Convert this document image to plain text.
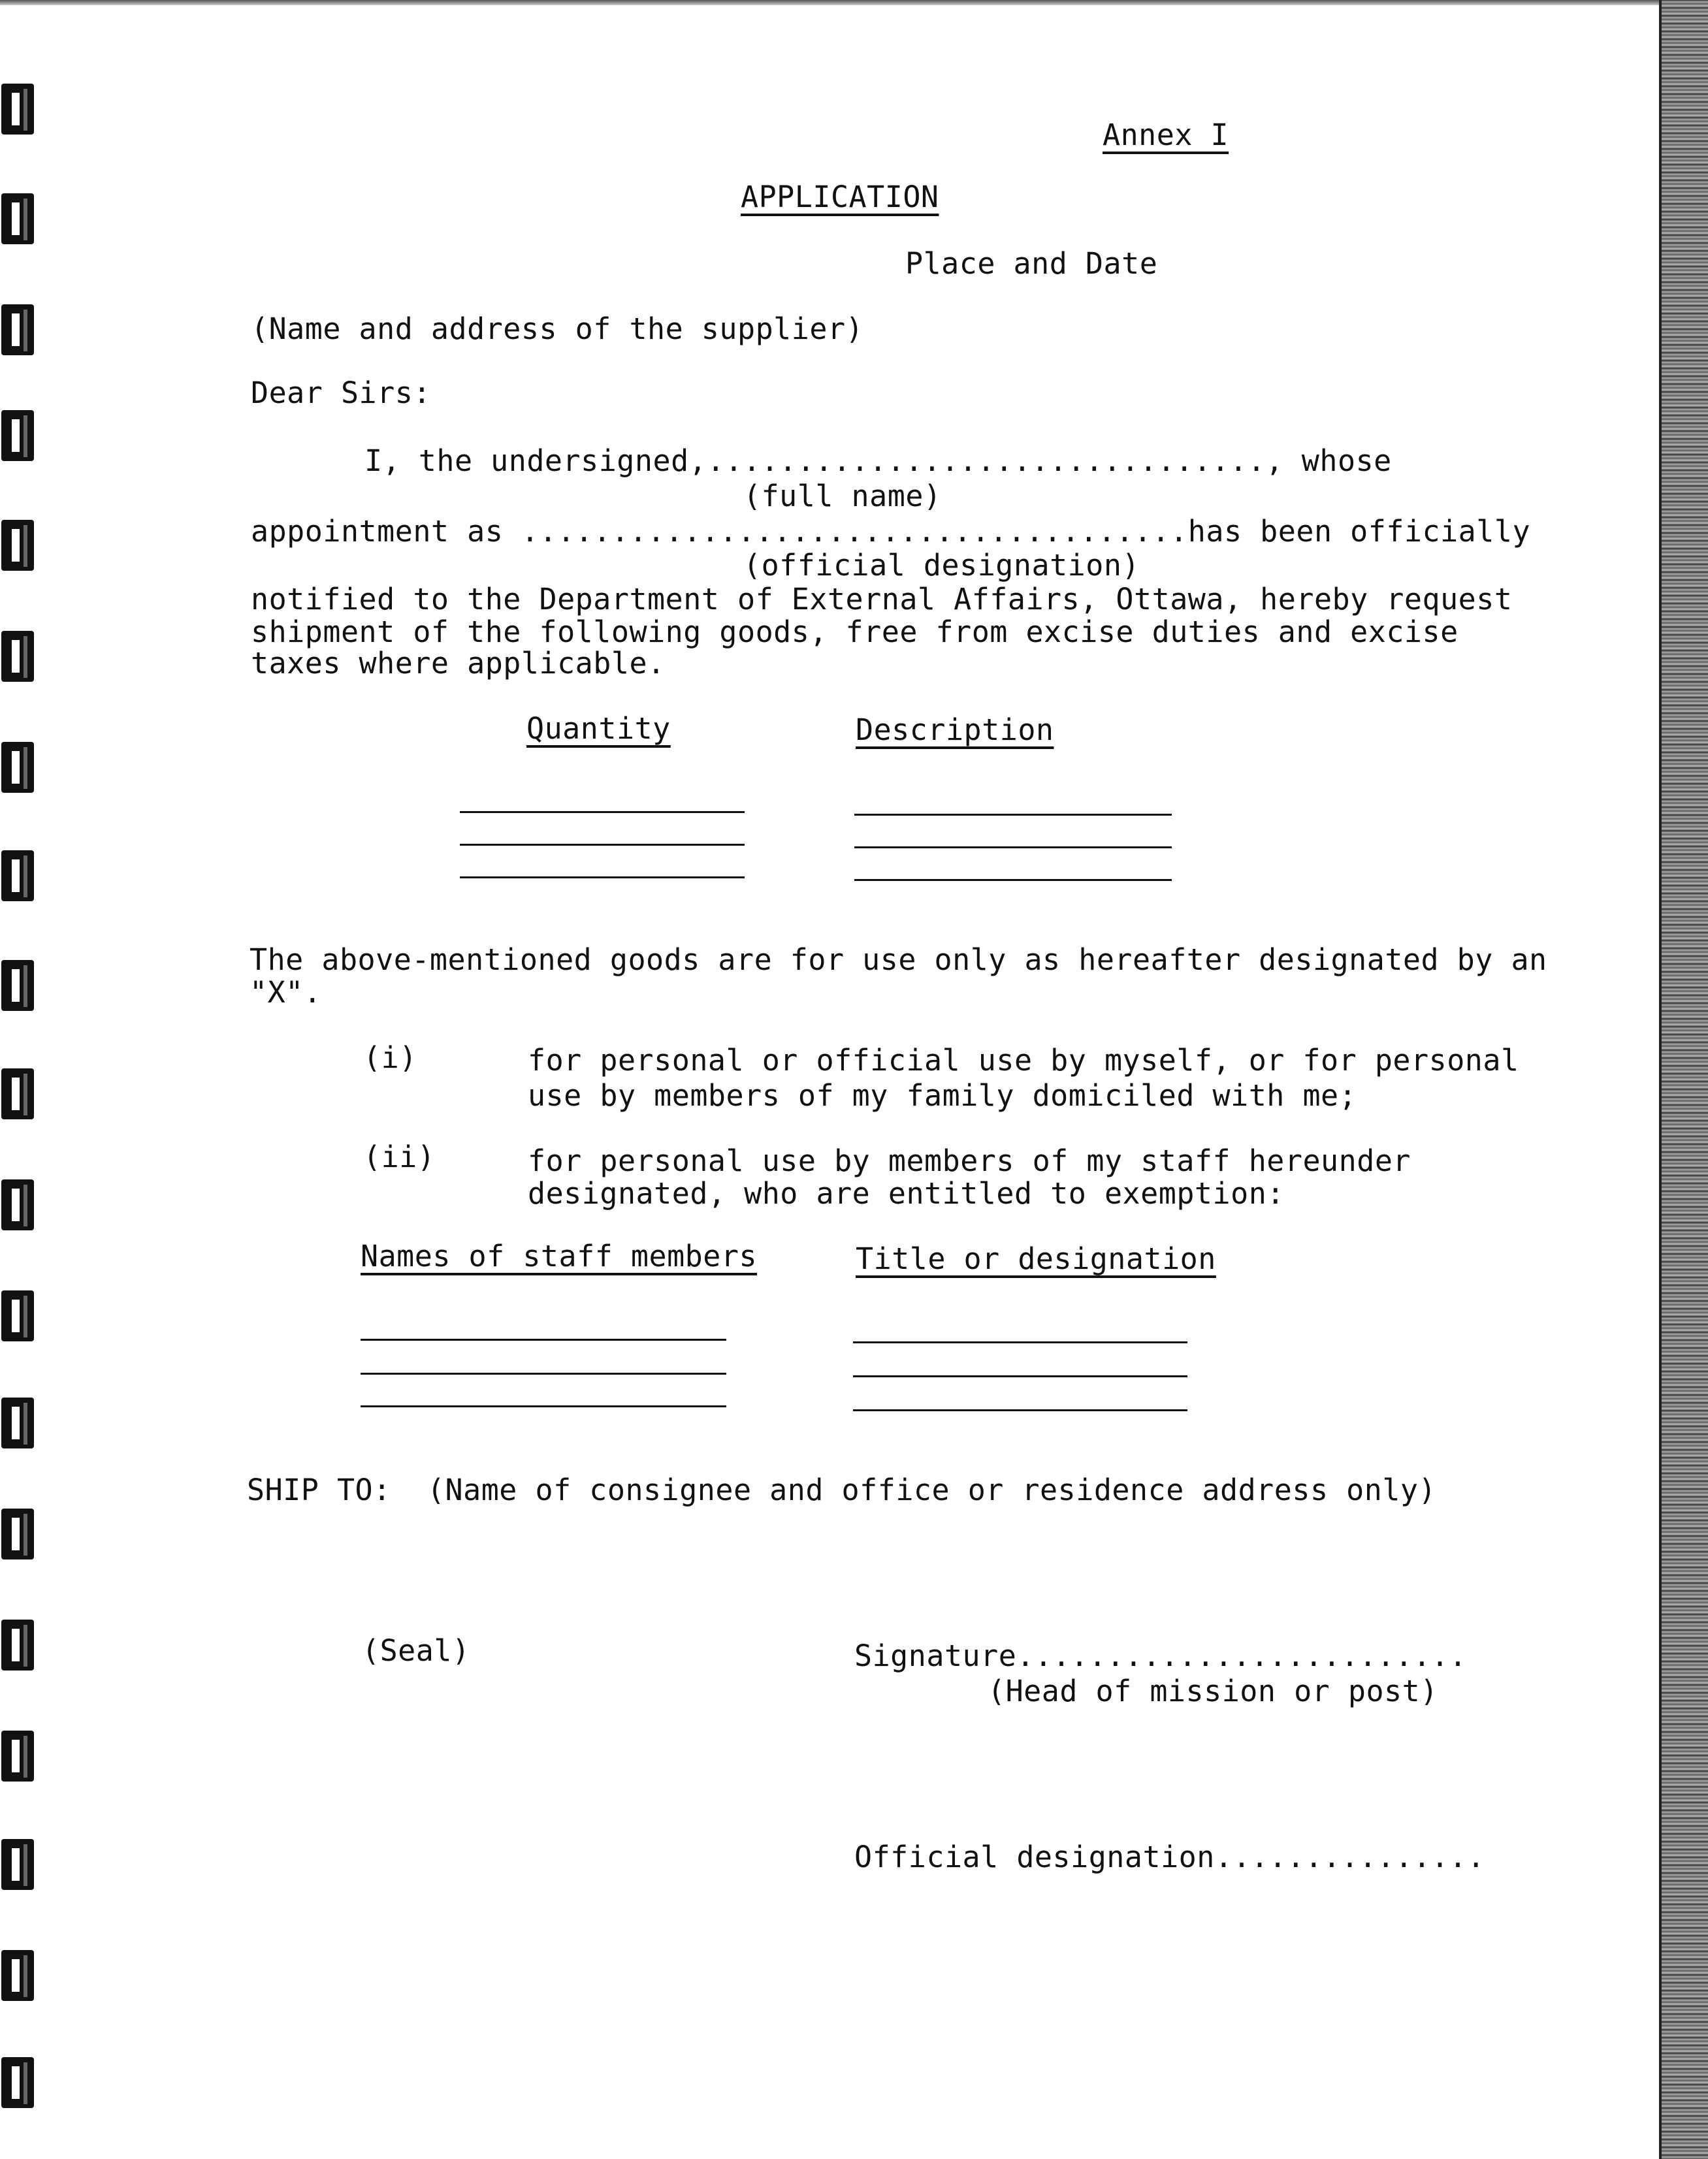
Annex I
APPLICATION
Place and Date
(Name and address of the supplier)
Dear Sirs:
I, the undersigned,..............................., whose
(full name)
appointment as .....................................has been officially
(official designation)
notified to the Department of External Affairs, Ottawa, hereby request
shipment of the following goods, free from excise duties and excise
taxes where applicable.
Quantity	Description
The above-mentioned goods are for use only as hereafter designated by an
"X".
(i)	for personal or official use by myself, or for personal
use by members of my family domiciled with me;
(ii)	for personal use by members of my staff hereunder
designated, who are entitled to exemption:
Names of staff members	Title or designation
SHIP TO:  (Name of consignee and office or residence address only)
(Seal)	Signature.........................
(Head of mission or post)
Official designation...............
